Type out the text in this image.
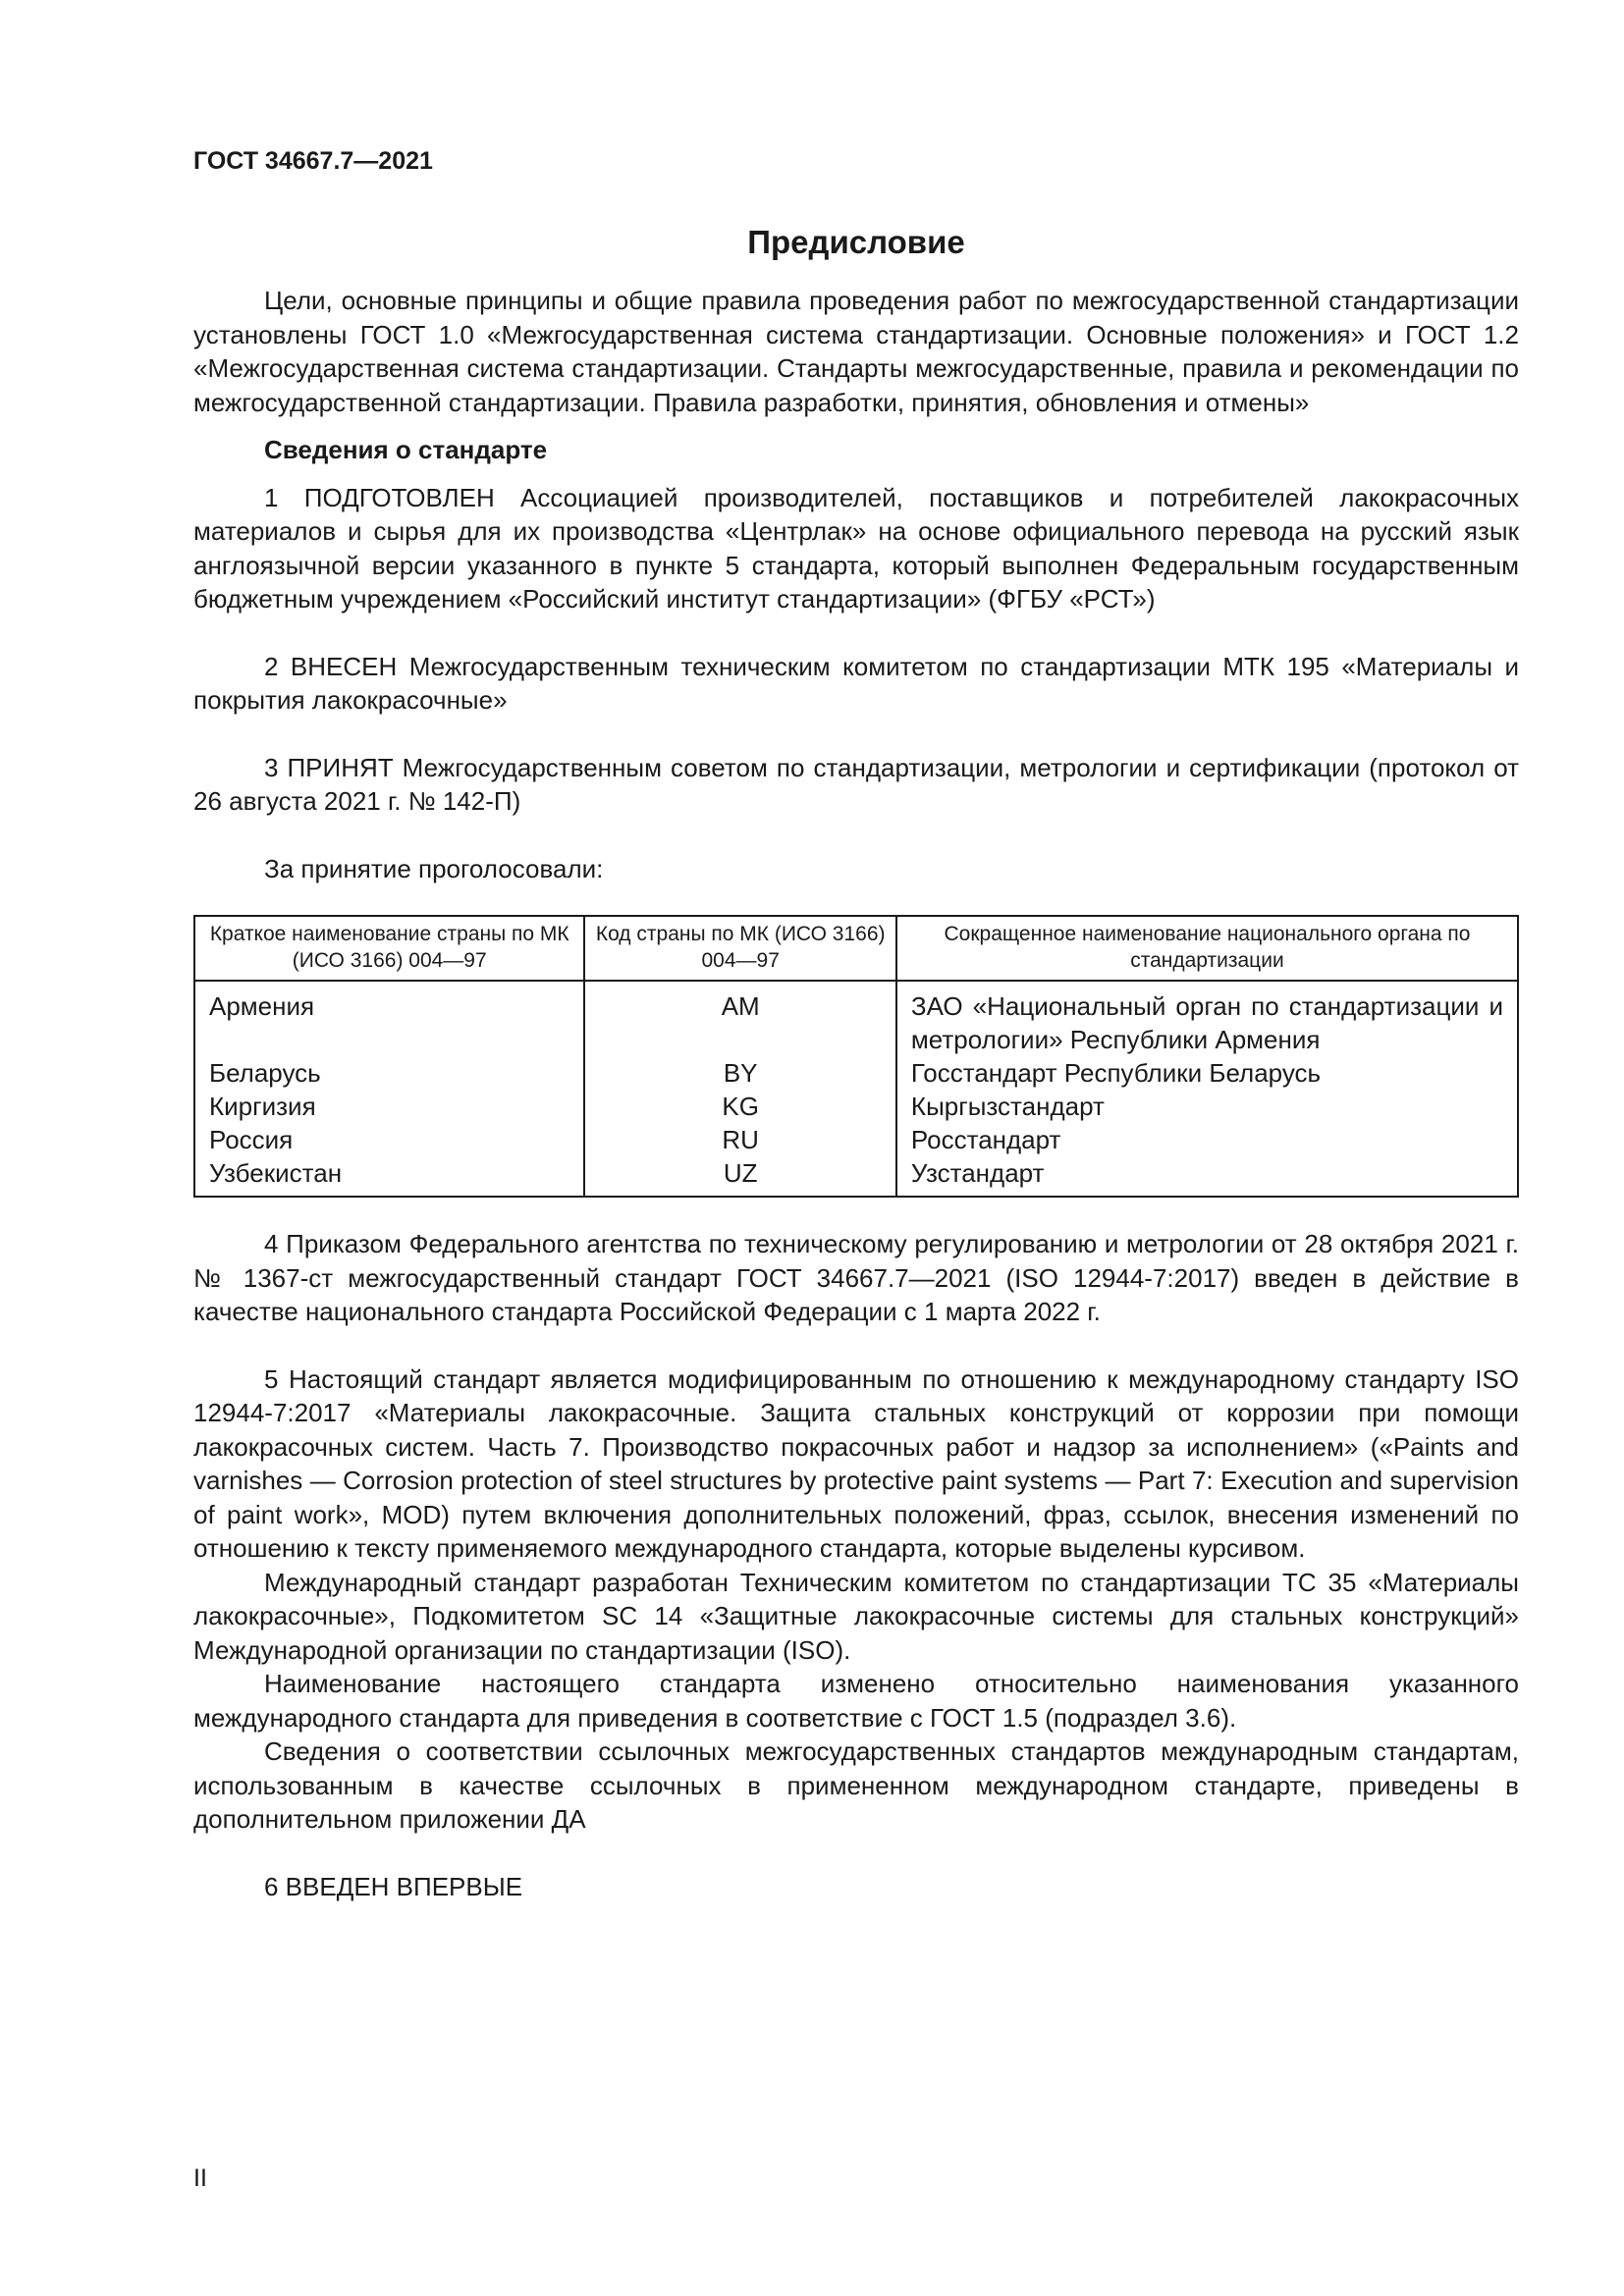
ГОСТ 34667.7—2021

Предисловие

Цели, основные принципы и общие правила проведения работ по межгосударственной стандартизации установлены ГОСТ 1.0 «Межгосударственная система стандартизации. Основные положения» и ГОСТ 1.2 «Межгосударственная система стандартизации. Стандарты межгосударственные, правила и рекомендации по межгосударственной стандартизации. Правила разработки, принятия, обновления и отмены»

Сведения о стандарте

1 ПОДГОТОВЛЕН Ассоциацией производителей, поставщиков и потребителей лакокрасочных материалов и сырья для их производства «Центрлак» на основе официального перевода на русский язык англоязычной версии указанного в пункте 5 стандарта, который выполнен Федеральным государственным бюджетным учреждением «Российский институт стандартизации» (ФГБУ «РСТ»)

2 ВНЕСЕН Межгосударственным техническим комитетом по стандартизации МТК 195 «Материалы и покрытия лакокрасочные»

3 ПРИНЯТ Межгосударственным советом по стандартизации, метрологии и сертификации (протокол от 26 августа 2021 г. № 142-П)

За принятие проголосовали:

Краткое наименование страны по МК (ИСО 3166) 004—97	Код страны по МК (ИСО 3166) 004—97	Сокращенное наименование национального органа по стандартизации
Армения	AM	ЗАО «Национальный орган по стандартизации и метрологии» Республики Армения
Беларусь	BY	Госстандарт Республики Беларусь
Киргизия	KG	Кыргызстандарт
Россия	RU	Росстандарт
Узбекистан	UZ	Узстандарт

4 Приказом Федерального агентства по техническому регулированию и метрологии от 28 октября 2021 г. № 1367-ст межгосударственный стандарт ГОСТ 34667.7—2021 (ISO 12944-7:2017) введен в действие в качестве национального стандарта Российской Федерации с 1 марта 2022 г.

5 Настоящий стандарт является модифицированным по отношению к международному стандарту ISO 12944-7:2017 «Материалы лакокрасочные. Защита стальных конструкций от коррозии при помощи лакокрасочных систем. Часть 7. Производство покрасочных работ и надзор за исполнением» («Paints and varnishes — Corrosion protection of steel structures by protective paint systems — Part 7: Execution and supervision of paint work», MOD) путем включения дополнительных положений, фраз, ссылок, внесения изменений по отношению к тексту применяемого международного стандарта, которые выделены курсивом.

Международный стандарт разработан Техническим комитетом по стандартизации TC 35 «Материалы лакокрасочные», Подкомитетом SC 14 «Защитные лакокрасочные системы для стальных конструкций» Международной организации по стандартизации (ISO).

Наименование настоящего стандарта изменено относительно наименования указанного международного стандарта для приведения в соответствие с ГОСТ 1.5 (подраздел 3.6).

Сведения о соответствии ссылочных межгосударственных стандартов международным стандартам, использованным в качестве ссылочных в примененном международном стандарте, приведены в дополнительном приложении ДА

6 ВВЕДЕН ВПЕРВЫЕ

II
